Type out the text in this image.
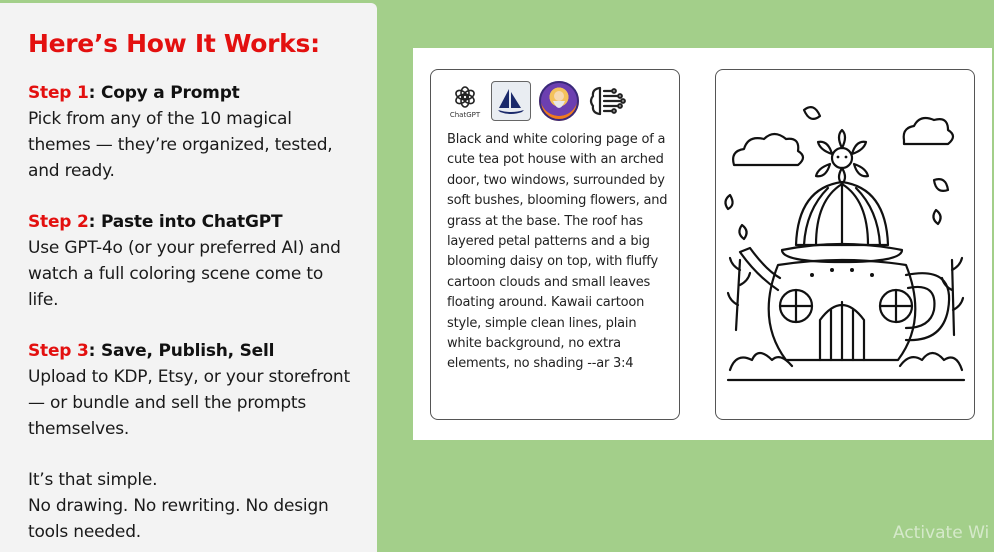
Here’s How It Works:
Step 1: Copy a Prompt
Pick from any of the 10 magical themes — they’re organized, tested, and ready.
Step 2: Paste into ChatGPT
Use GPT-4o (or your preferred AI) and watch a full coloring scene come to life.
Step 3: Save, Publish, Sell
Upload to KDP, Etsy, or your storefront — or bundle and sell the prompts themselves.
It’s that simple.
No drawing. No rewriting. No design tools needed.
ChatGPT
Black and white coloring page of a cute tea pot house with an arched door, two windows, surrounded by soft bushes, blooming flowers, and grass at the base. The roof has layered petal patterns and a big blooming daisy on top, with fluffy cartoon clouds and small leaves floating around. Kawaii cartoon style, simple clean lines, plain white background, no extra elements, no shading --ar 3:4
Activate Wi
